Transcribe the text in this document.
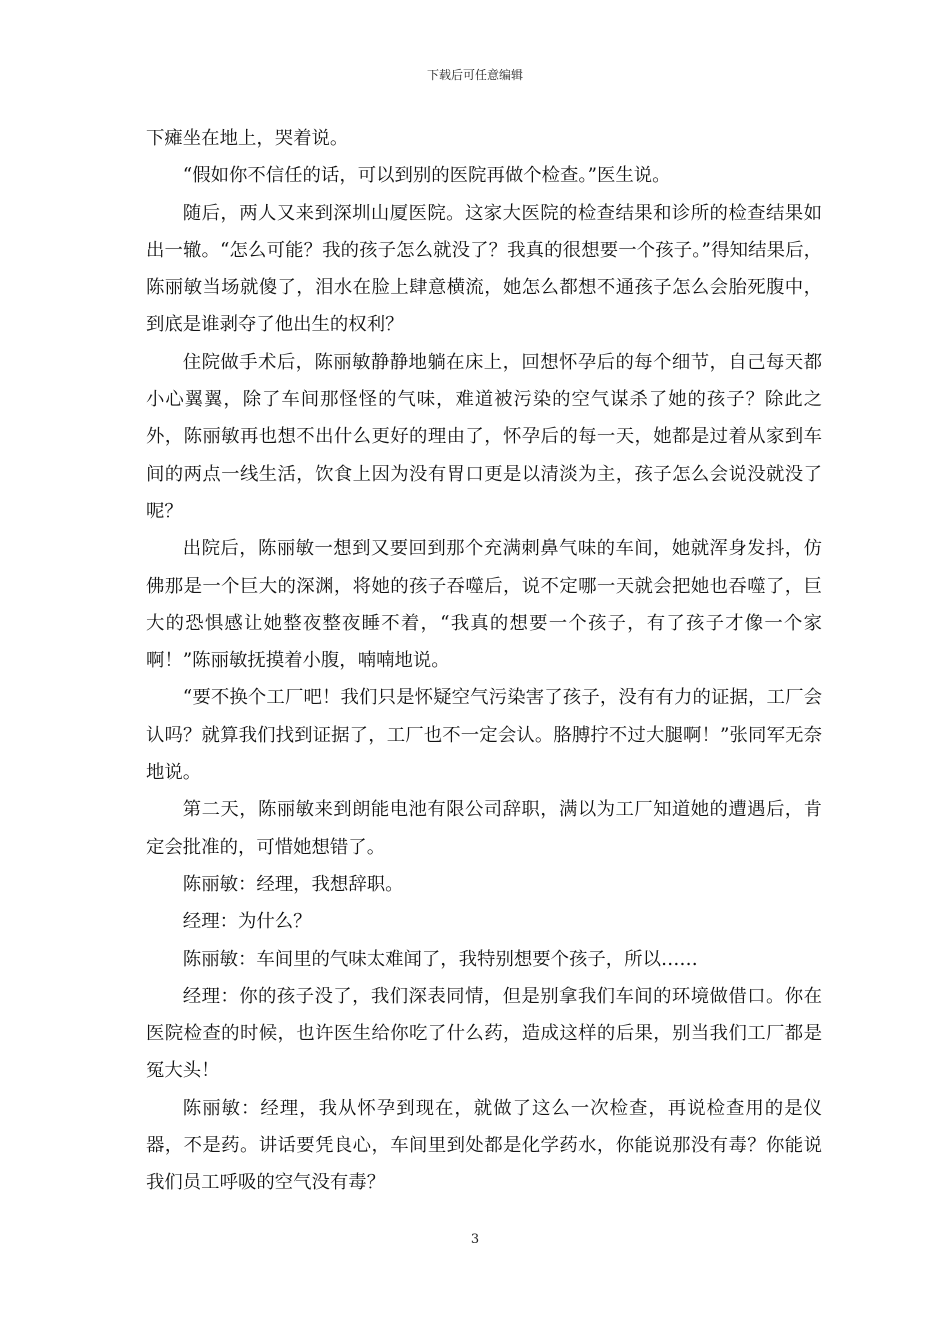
下载后可任意编辑

下瘫坐在地上，哭着说。

“假如你不信任的话，可以到别的医院再做个检查。”医生说。

随后，两人又来到深圳山厦医院。这家大医院的检查结果和诊所的检查结果如出一辙。“怎么可能？我的孩子怎么就没了？我真的很想要一个孩子。”得知结果后，陈丽敏当场就傻了，泪水在脸上肆意横流，她怎么都想不通孩子怎么会胎死腹中，到底是谁剥夺了他出生的权利？

住院做手术后，陈丽敏静静地躺在床上，回想怀孕后的每个细节，自己每天都小心翼翼，除了车间那怪怪的气味，难道被污染的空气谋杀了她的孩子？除此之外，陈丽敏再也想不出什么更好的理由了，怀孕后的每一天，她都是过着从家到车间的两点一线生活，饮食上因为没有胃口更是以清淡为主，孩子怎么会说没就没了呢？

出院后，陈丽敏一想到又要回到那个充满刺鼻气味的车间，她就浑身发抖，仿佛那是一个巨大的深渊，将她的孩子吞噬后，说不定哪一天就会把她也吞噬了，巨大的恐惧感让她整夜整夜睡不着，“我真的想要一个孩子，有了孩子才像一个家啊！”陈丽敏抚摸着小腹，喃喃地说。

“要不换个工厂吧！我们只是怀疑空气污染害了孩子，没有有力的证据，工厂会认吗？就算我们找到证据了，工厂也不一定会认。胳膊拧不过大腿啊！”张同军无奈地说。

第二天，陈丽敏来到朗能电池有限公司辞职，满以为工厂知道她的遭遇后，肯定会批准的，可惜她想错了。

陈丽敏：经理，我想辞职。

经理：为什么？

陈丽敏：车间里的气味太难闻了，我特别想要个孩子，所以……

经理：你的孩子没了，我们深表同情，但是别拿我们车间的环境做借口。你在医院检查的时候，也许医生给你吃了什么药，造成这样的后果，别当我们工厂都是冤大头！

陈丽敏：经理，我从怀孕到现在，就做了这么一次检查，再说检查用的是仪器，不是药。讲话要凭良心，车间里到处都是化学药水，你能说那没有毒？你能说我们员工呼吸的空气没有毒？

3
